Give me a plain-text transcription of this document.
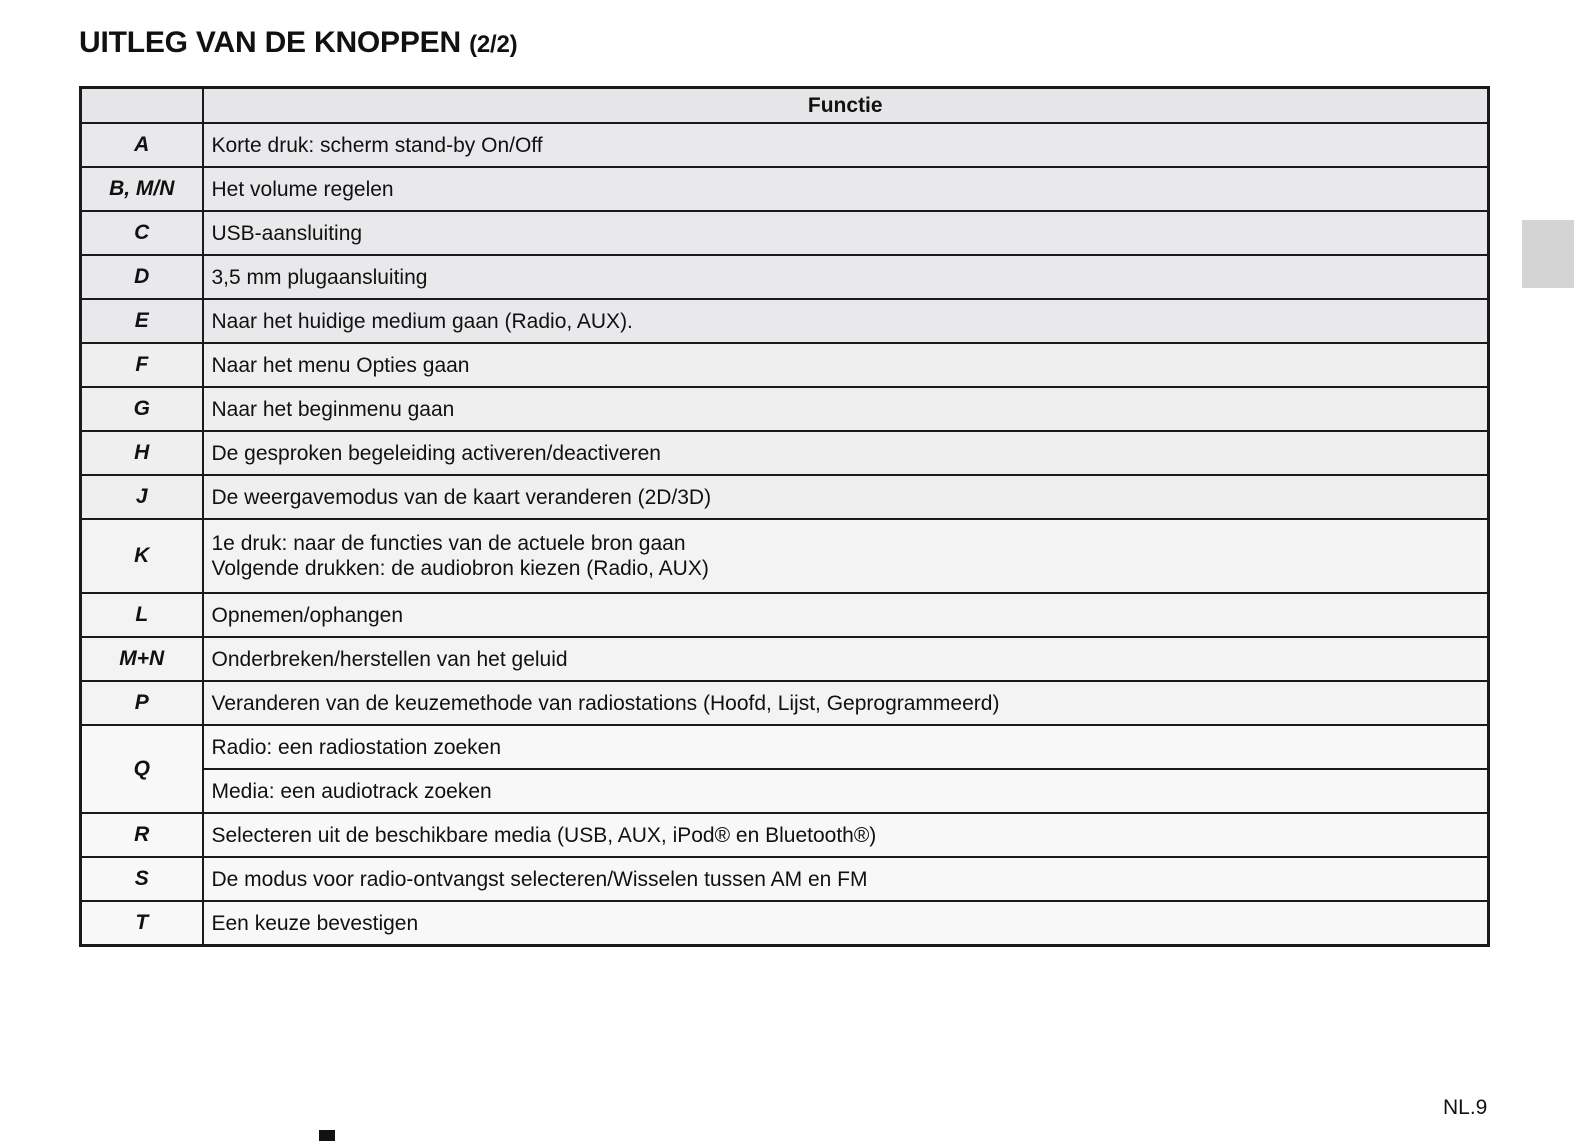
UITLEG VAN DE KNOPPEN (2/2)
	Functie
A	Korte druk: scherm stand-by On/Off

B, M/N	Het volume regelen

C	USB-aansluiting

D	3,5 mm plugaansluiting

E	Naar het huidige medium gaan (Radio, AUX).

F	Naar het menu Opties gaan

G	Naar het beginmenu gaan

H	De gesproken begeleiding activeren/deactiveren

J	De weergavemodus van de kaart veranderen (2D/3D)

K	1e druk: naar de functies van de actuele bron gaan
Volgende drukken: de audiobron kiezen (Radio, AUX)

L	Opnemen/ophangen

M+N	Onderbreken/herstellen van het geluid

P	Veranderen van de keuzemethode van radiostations (Hoofd, Lijst, Geprogrammeerd)

Q	Radio: een radiostation zoeken

	Media: een audiotrack zoeken

R	Selecteren uit de beschikbare media (USB, AUX, iPod® en Bluetooth®)

S	De modus voor radio-ontvangst selecteren/Wisselen tussen AM en FM

T	Een keuze bevestigen
NL.9
